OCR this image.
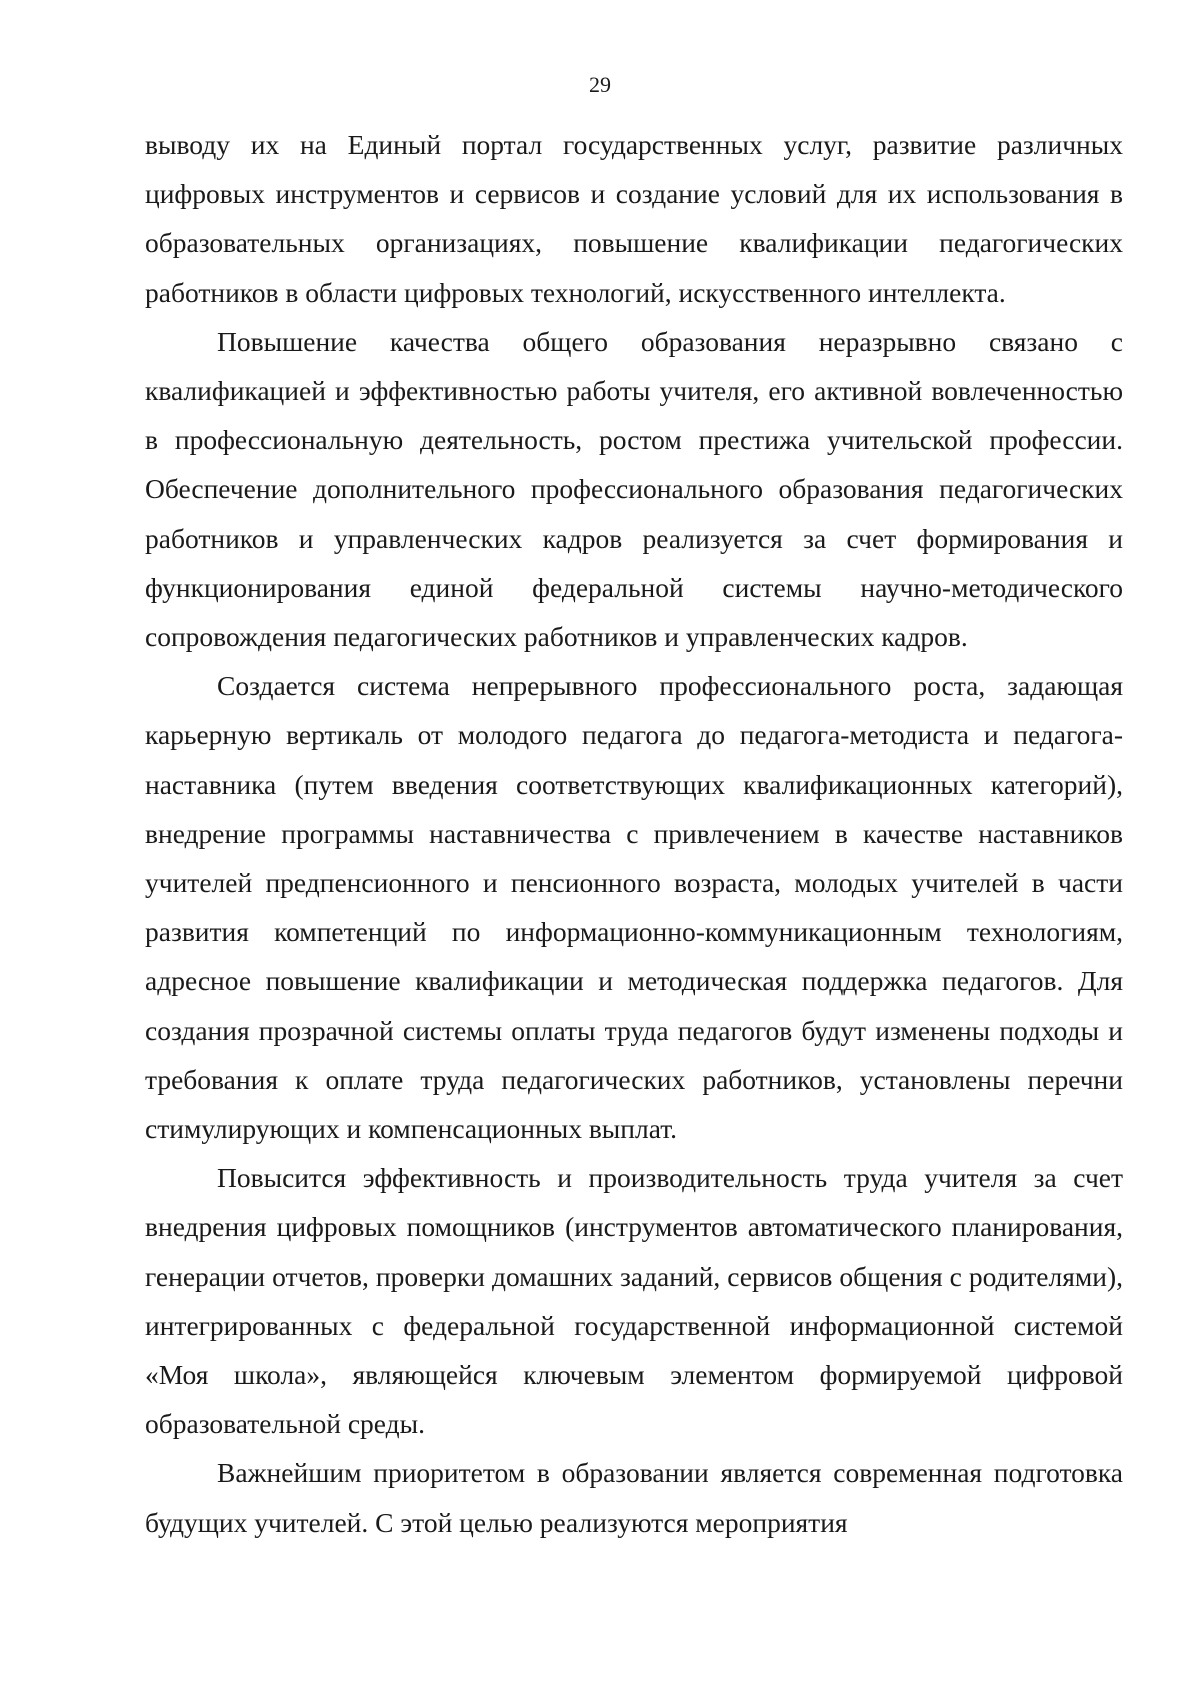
29

выводу их на Единый портал государственных услуг, развитие различных цифровых инструментов и сервисов и создание условий для их использования в образовательных организациях, повышение квалификации педагогических работников в области цифровых технологий, искусственного интеллекта.

Повышение качества общего образования неразрывно связано с квалификацией и эффективностью работы учителя, его активной вовлеченностью в профессиональную деятельность, ростом престижа учительской профессии. Обеспечение дополнительного профессионального образования педагогических работников и управленческих кадров реализуется за счет формирования и функционирования единой федеральной системы научно-методического сопровождения педагогических работников и управленческих кадров.

Создается система непрерывного профессионального роста, задающая карьерную вертикаль от молодого педагога до педагога-методиста и педагога-наставника (путем введения соответствующих квалификационных категорий), внедрение программы наставничества с привлечением в качестве наставников учителей предпенсионного и пенсионного возраста, молодых учителей в части развития компетенций по информационно-коммуникационным технологиям, адресное повышение квалификации и методическая поддержка педагогов. Для создания прозрачной системы оплаты труда педагогов будут изменены подходы и требования к оплате труда педагогических работников, установлены перечни стимулирующих и компенсационных выплат.

Повысится эффективность и производительность труда учителя за счет внедрения цифровых помощников (инструментов автоматического планирования, генерации отчетов, проверки домашних заданий, сервисов общения с родителями), интегрированных с федеральной государственной информационной системой «Моя школа», являющейся ключевым элементом формируемой цифровой образовательной среды.

Важнейшим приоритетом в образовании является современная подготовка будущих учителей. С этой целью реализуются мероприятия
